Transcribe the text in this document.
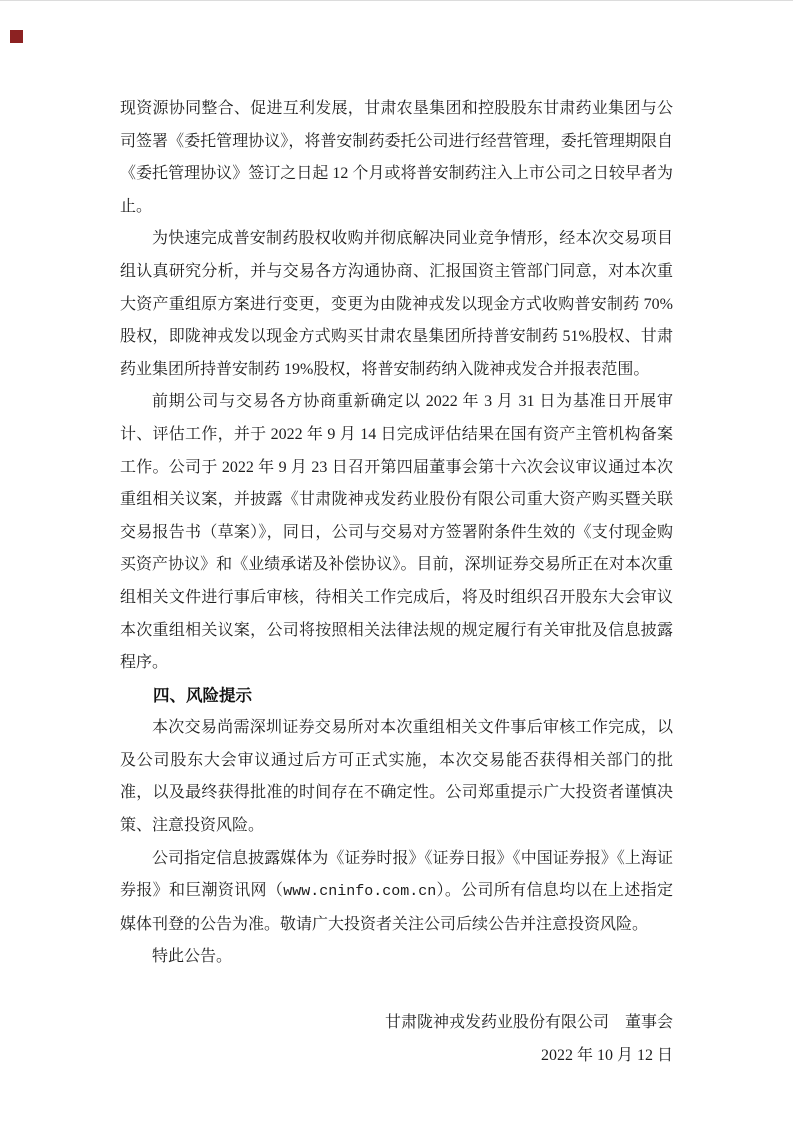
现资源协同整合、促进互利发展，甘肃农垦集团和控股股东甘肃药业集团与公司签署《委托管理协议》，将普安制药委托公司进行经营管理，委托管理期限自《委托管理协议》签订之日起 12 个月或将普安制药注入上市公司之日较早者为止。

为快速完成普安制药股权收购并彻底解决同业竞争情形，经本次交易项目组认真研究分析，并与交易各方沟通协商、汇报国资主管部门同意，对本次重大资产重组原方案进行变更，变更为由陇神戎发以现金方式收购普安制药 70%股权，即陇神戎发以现金方式购买甘肃农垦集团所持普安制药 51%股权、甘肃药业集团所持普安制药 19%股权，将普安制药纳入陇神戎发合并报表范围。

前期公司与交易各方协商重新确定以 2022 年 3 月 31 日为基准日开展审计、评估工作，并于 2022 年 9 月 14 日完成评估结果在国有资产主管机构备案工作。公司于 2022 年 9 月 23 日召开第四届董事会第十六次会议审议通过本次重组相关议案，并披露《甘肃陇神戎发药业股份有限公司重大资产购买暨关联交易报告书（草案）》，同日，公司与交易对方签署附条件生效的《支付现金购买资产协议》和《业绩承诺及补偿协议》。目前，深圳证券交易所正在对本次重组相关文件进行事后审核，待相关工作完成后，将及时组织召开股东大会审议本次重组相关议案，公司将按照相关法律法规的规定履行有关审批及信息披露程序。

四、风险提示

本次交易尚需深圳证券交易所对本次重组相关文件事后审核工作完成，以及公司股东大会审议通过后方可正式实施，本次交易能否获得相关部门的批准，以及最终获得批准的时间存在不确定性。公司郑重提示广大投资者谨慎决策、注意投资风险。

公司指定信息披露媒体为《证券时报》《证券日报》《中国证券报》《上海证券报》和巨潮资讯网（www.cninfo.com.cn）。公司所有信息均以在上述指定媒体刊登的公告为准。敬请广大投资者关注公司后续公告并注意投资风险。

特此公告。

甘肃陇神戎发药业股份有限公司　董事会

2022 年 10 月 12 日
